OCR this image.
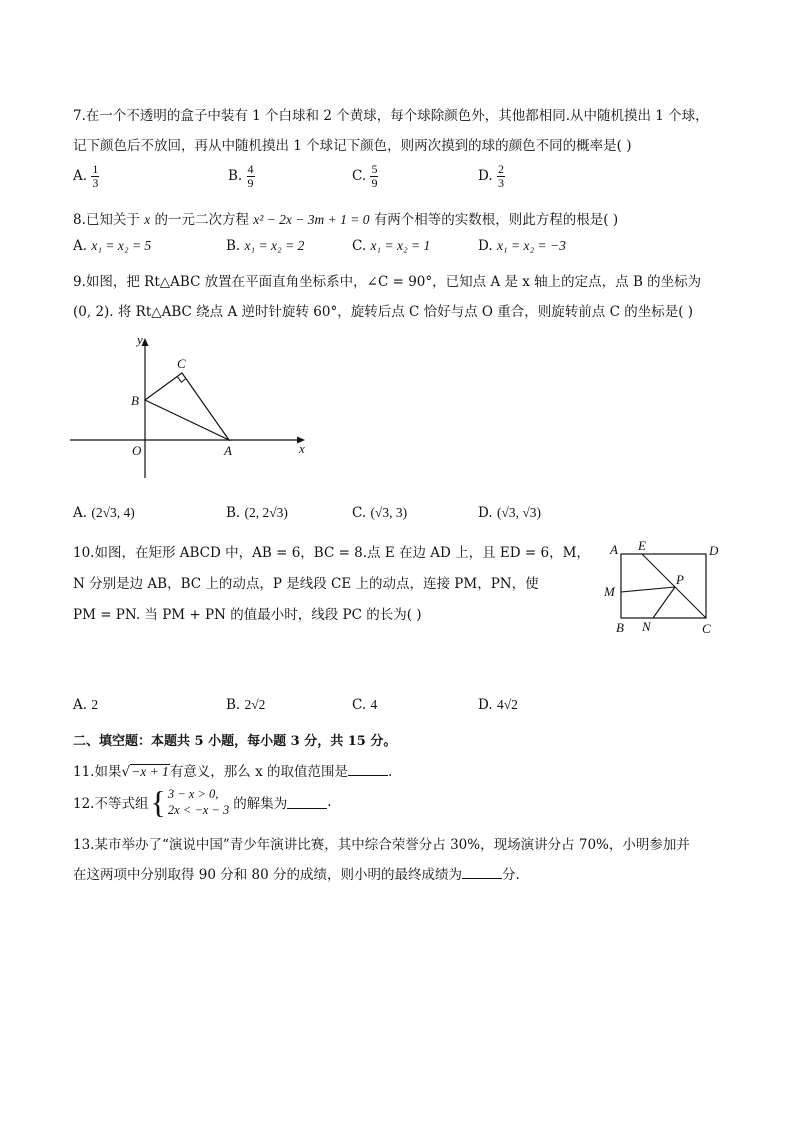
7.在一个不透明的盒子中装有 1 个白球和 2 个黄球，每个球除颜色外，其他都相同.从中随机摸出 1 个球，
记下颜色后不放回，再从中随机摸出 1 个球记下颜色，则两次摸到的球的颜色不同的概率是( )
A. $\frac{1}{3}$	B. $\frac{4}{9}$	C. $\frac{5}{9}$	D. $\frac{2}{3}$
8.已知关于 x 的一元二次方程 x² − 2x − 3m + 1 = 0 有两个相等的实数根，则此方程的根是( )
A. x₁ = x₂ = 5	B. x₁ = x₂ = 2	C. x₁ = x₂ = 1	D. x₁ = x₂ = −3
9.如图，把 Rt△ABC 放置在平面直角坐标系中，∠C = 90°，已知点 A 是 x 轴上的定点，点 B 的坐标为
(0, 2). 将 Rt△ABC 绕点 A 逆时针旋转 60°，旋转后点 C 恰好与点 O 重合，则旋转前点 C 的坐标是( )
y
x
O	A
B
C
A. (2√3, 4)	B. (2, 2√3)	C. (√3, 3)	D. (√3, √3)
10.如图，在矩形 ABCD 中，AB = 6，BC = 8.点 E 在边 AD 上，且 ED = 6，M，
N 分别是边 AB，BC 上的动点，P 是线段 CE 上的动点，连接 PM，PN，使
PM = PN. 当 PM + PN 的值最小时，线段 PC 的长为( )
A E	D
M
P
B N	C
A. 2	B. 2√2	C. 4	D. 4√2
二、填空题：本题共 5 小题，每小题 3 分，共 15 分。
11.如果√−x + 1有意义，那么 x 的取值范围是	.
12.不等式组 { 3 − x > 0,
2x < −x − 3 的解集为	.
13.某市举办了“演说中国”青少年演讲比赛，其中综合荣誉分占 30%，现场演讲分占 70%，小明参加并
在这两项中分别取得 90 分和 80 分的成绩，则小明的最终成绩为	分.
